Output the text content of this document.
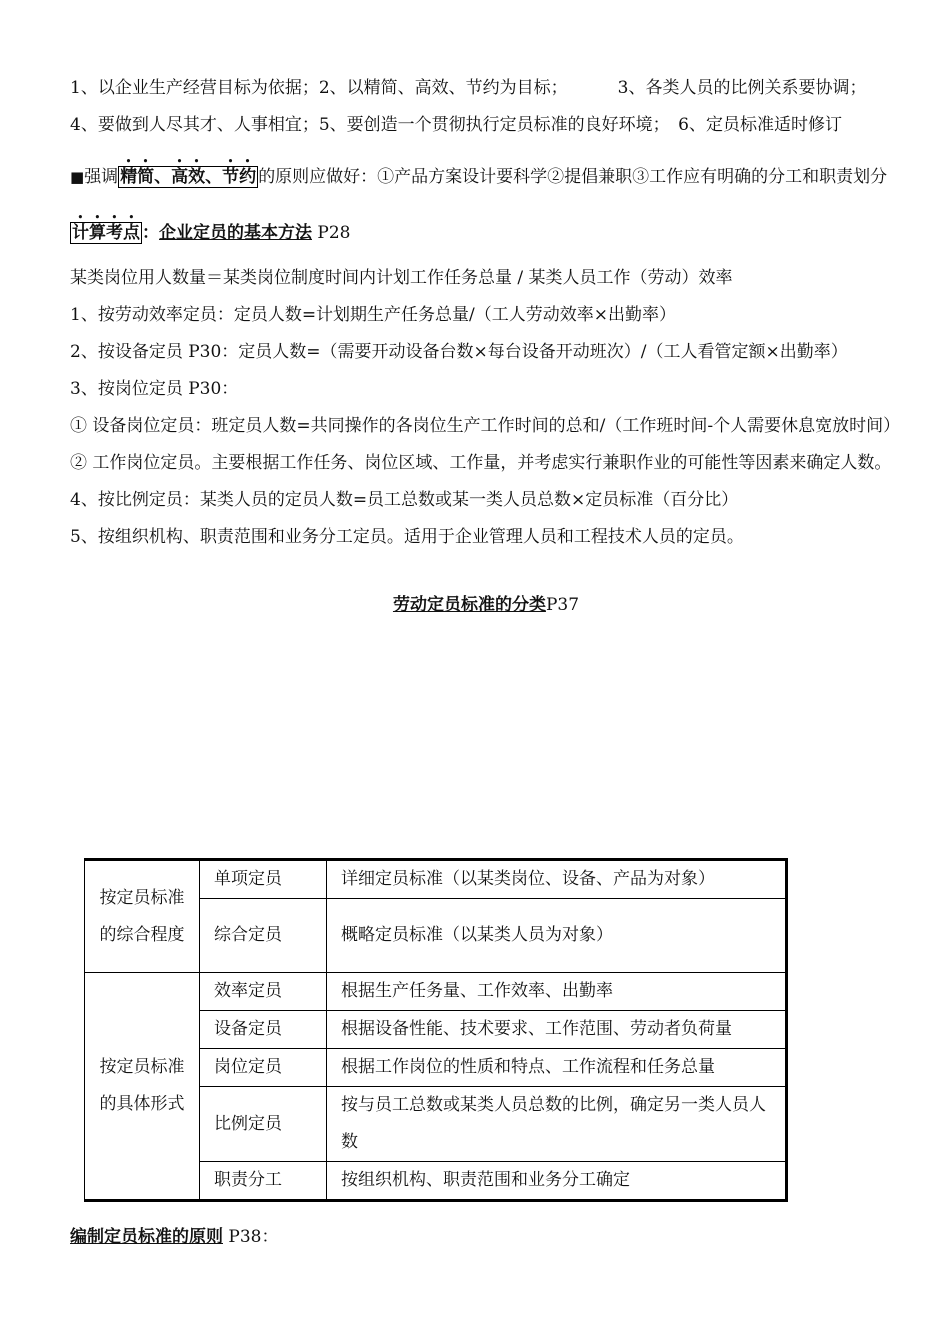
1、以企业生产经营目标为依据；2、以精简、高效、节约为目标；	3、各类人员的比例关系要协调；

4、要做到人尽其才、人事相宜；5、要创造一个贯彻执行定员标准的良好环境；　6、定员标准适时修订

■强调 精简、高效、节约 的原则应做好：①产品方案设计要科学②提倡兼职③工作应有明确的分工和职责划分

计算考点 ：企业定员的基本方法 P28

某类岗位用人数量＝某类岗位制度时间内计划工作任务总量 / 某类人员工作（劳动）效率

1、按劳动效率定员：定员人数=计划期生产任务总量/（工人劳动效率×出勤率）

2、按设备定员 P30：定员人数=（需要开动设备台数×每台设备开动班次）/（工人看管定额×出勤率）

3、按岗位定员 P30：

① 设备岗位定员：班定员人数=共同操作的各岗位生产工作时间的总和/（工作班时间-个人需要休息宽放时间）

② 工作岗位定员。主要根据工作任务、岗位区域、工作量，并考虑实行兼职作业的可能性等因素来确定人数。

4、按比例定员：某类人员的定员人数=员工总数或某一类人员总数×定员标准（百分比）

5、按组织机构、职责范围和业务分工定员。适用于企业管理人员和工程技术人员的定员。

劳动定员标准的分类P37

按定员标准的综合程度	单项定员	详细定员标准（以某类岗位、设备、产品为对象）
	综合定员	概略定员标准（以某类人员为对象）
按定员标准的具体形式	效率定员	根据生产任务量、工作效率、出勤率
	设备定员	根据设备性能、技术要求、工作范围、劳动者负荷量
	岗位定员	根据工作岗位的性质和特点、工作流程和任务总量
	比例定员	按与员工总数或某类人员总数的比例，确定另一类人员人数
	职责分工	按组织机构、职责范围和业务分工确定

编制定员标准的原则 P38：
